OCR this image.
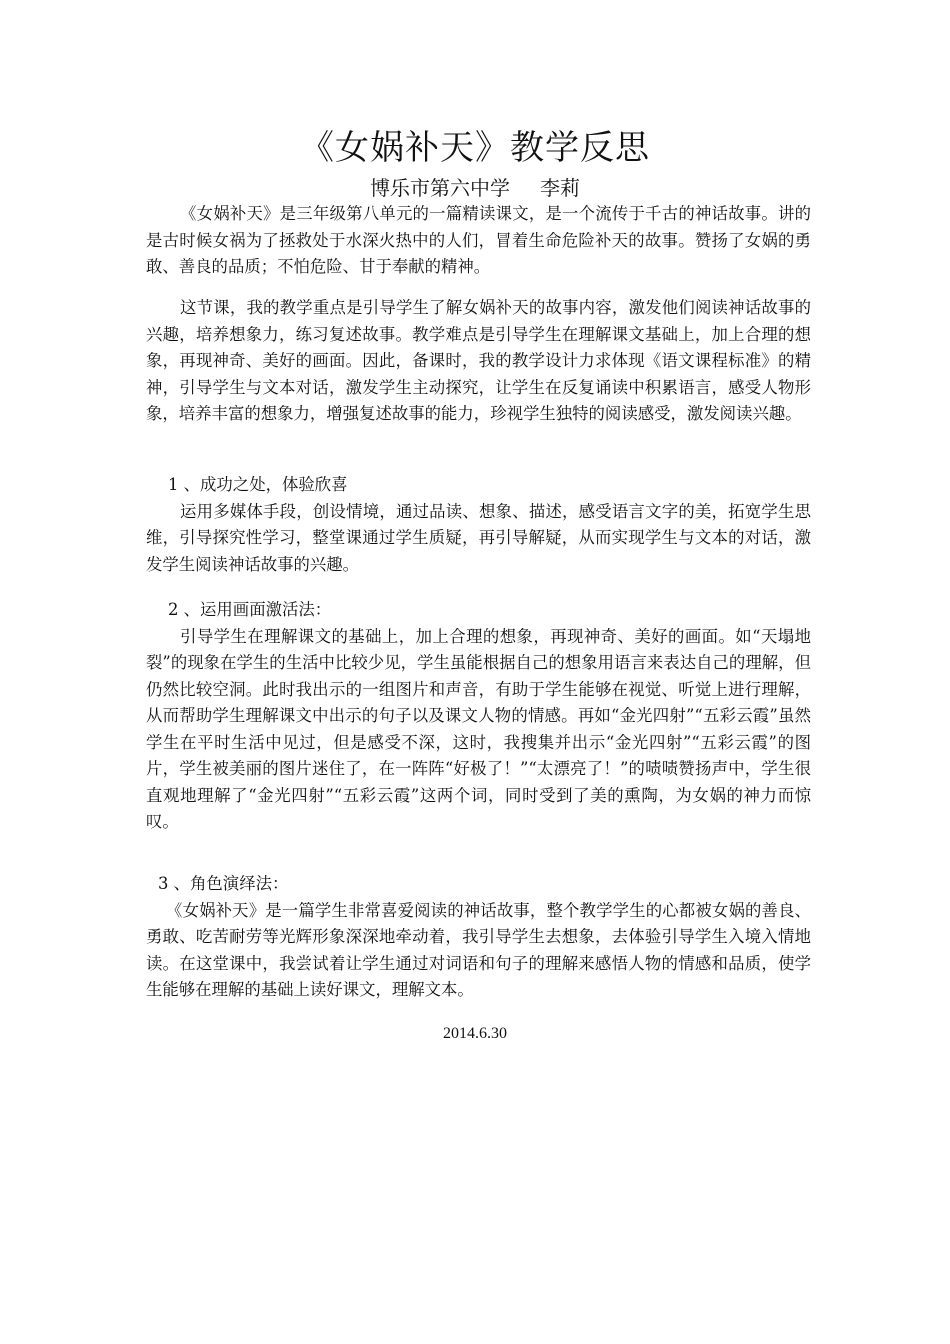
《女娲补天》教学反思
博乐市第六中学 李莉

《女娲补天》是三年级第八单元的一篇精读课文，是一个流传于千古的神话故事。讲的是古时候女祸为了拯救处于水深火热中的人们，冒着生命危险补天的故事。赞扬了女娲的勇敢、善良的品质；不怕危险、甘于奉献的精神。

这节课，我的教学重点是引导学生了解女娲补天的故事内容，激发他们阅读神话故事的兴趣，培养想象力，练习复述故事。教学难点是引导学生在理解课文基础上，加上合理的想象，再现神奇、美好的画面。因此，备课时，我的教学设计力求体现《语文课程标准》的精神，引导学生与文本对话，激发学生主动探究，让学生在反复诵读中积累语言，感受人物形象，培养丰富的想象力，增强复述故事的能力，珍视学生独特的阅读感受，激发阅读兴趣。

1 、成功之处，体验欣喜

运用多媒体手段，创设情境，通过品读、想象、描述，感受语言文字的美，拓宽学生思维，引导探究性学习，整堂课通过学生质疑，再引导解疑，从而实现学生与文本的对话，激发学生阅读神话故事的兴趣。

2 、运用画面激活法：

引导学生在理解课文的基础上，加上合理的想象，再现神奇、美好的画面。如“天塌地裂”的现象在学生的生活中比较少见，学生虽能根据自己的想象用语言来表达自己的理解，但仍然比较空洞。此时我出示的一组图片和声音，有助于学生能够在视觉、听觉上进行理解，从而帮助学生理解课文中出示的句子以及课文人物的情感。再如“金光四射”“五彩云霞”虽然学生在平时生活中见过，但是感受不深，这时，我搜集并出示“金光四射”“五彩云霞”的图片，学生被美丽的图片迷住了，在一阵阵“好极了！”“太漂亮了！”的啧啧赞扬声中，学生很直观地理解了“金光四射”“五彩云霞”这两个词，同时受到了美的熏陶，为女娲的神力而惊叹。

3 、角色演绎法：

《女娲补天》是一篇学生非常喜爱阅读的神话故事，整个教学学生的心都被女娲的善良、勇敢、吃苦耐劳等光辉形象深深地牵动着，我引导学生去想象，去体验引导学生入境入情地读。在这堂课中，我尝试着让学生通过对词语和句子的理解来感悟人物的情感和品质，使学生能够在理解的基础上读好课文，理解文本。

2014.6.30
